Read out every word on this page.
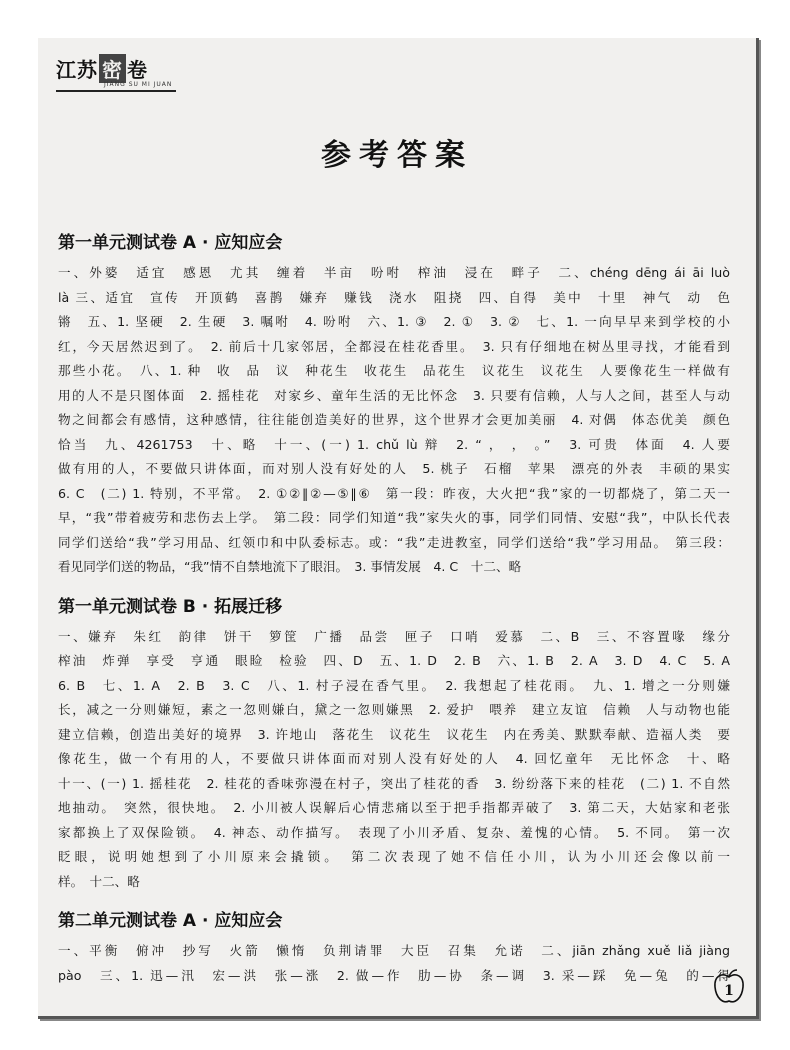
江苏 密 卷
JIANG SU MI JUAN
参考答案
第一单元测试卷 A · 应知应会
一、外婆　适宜　感恩　尤其　缠着　半亩　吩咐　榨油　浸在　畔子　二、chéng dēng ái āi luò
là 三、适宜　宣传　开顶鹤　喜鹊　嫌弃　赚钱　浇水　阻挠　四、自得　美中　十里　神气　动　色
锵　五、1. 坚硬　2. 生硬　3. 嘱咐　4. 吩咐　六、1. ③　2. ①　3. ②　七、1. 一向早早来到学校的小
红，今天居然迟到了。　2. 前后十几家邻居，全都浸在桂花香里。　3. 只有仔细地在树丛里寻找，才能看到
那些小花。　八、1. 种　收　品　议　种花生　收花生　品花生　议花生　议花生　人要像花生一样做有
用的人不是只图体面　2. 摇桂花　对家乡、童年生活的无比怀念　3. 只要有信赖，人与人之间，甚至人与动
物之间都会有感情，这种感情，往往能创造美好的世界，这个世界才会更加美丽　4. 对偶　体态优美　颜色
恰当　九、4261753　十、略　十一、(一) 1. chǔ lù 辩　2. “ ， ， 。”　3. 可贵　体面　4. 人要
做有用的人，不要做只讲体面，而对别人没有好处的人　5. 桃子　石榴　苹果　漂亮的外表　丰硕的果实
6. C　(二) 1. 特别，不平常。　2. ①②‖②—⑤‖⑥　第一段：昨夜，大火把“我”家的一切都烧了，第二天一
早，“我”带着疲劳和悲伤去上学。　第二段：同学们知道“我”家失火的事，同学们同情、安慰“我”，中队长代表
同学们送给“我”学习用品、红领巾和中队委标志。或：“我”走进教室，同学们送给“我”学习用品。　第三段：
看见同学们送的物品，“我”情不自禁地流下了眼泪。　3. 事情发展　4. C　十二、略
第一单元测试卷 B · 拓展迁移
一、嫌弃　朱红　韵律　饼干　箩筐　广播　品尝　匣子　口哨　爱慕　二、B　三、不容置喙　缘分
榨油　炸弹　享受　亨通　眼睑　检验　四、D　五、1. D　2. B　六、1. B　2. A　3. D　4. C　5. A
6. B　七、1. A　2. B　3. C　八、1. 村子浸在香气里。　2. 我想起了桂花雨。　九、1. 增之一分则嫌
长，减之一分则嫌短，素之一忽则嫌白，黛之一忽则嫌黑　2. 爱护　喂养　建立友谊　信赖　人与动物也能
建立信赖，创造出美好的境界　3. 许地山　落花生　议花生　议花生　内在秀美、默默奉献、造福人类　要
像花生，做一个有用的人，不要做只讲体面而对别人没有好处的人　4. 回忆童年　无比怀念　十、略
十一、(一) 1. 摇桂花　2. 桂花的香味弥漫在村子，突出了桂花的香　3. 纷纷落下来的桂花　(二) 1. 不自然
地抽动。　突然，很快地。　2. 小川被人误解后心情悲痛以至于把手指都弄破了　3. 第二天，大姑家和老张
家都换上了双保险锁。　4. 神态、动作描写。　表现了小川矛盾、复杂、羞愧的心情。　5. 不同。　第一次
眨眼，说明她想到了小川原来会撬锁。　第二次表现了她不信任小川，认为小川还会像以前一
样。　十二、略
第二单元测试卷 A · 应知应会
一、平衡　俯冲　抄写　火箭　懒惰　负荆请罪　大臣　召集　允诺　二、jiān zhǎng xuě liǎ jiàng
pào　三、1. 迅—汛　宏—洪　张—涨　2. 做—作　肋—协　条—调　3. 采—踩　免—兔　的—得
1
